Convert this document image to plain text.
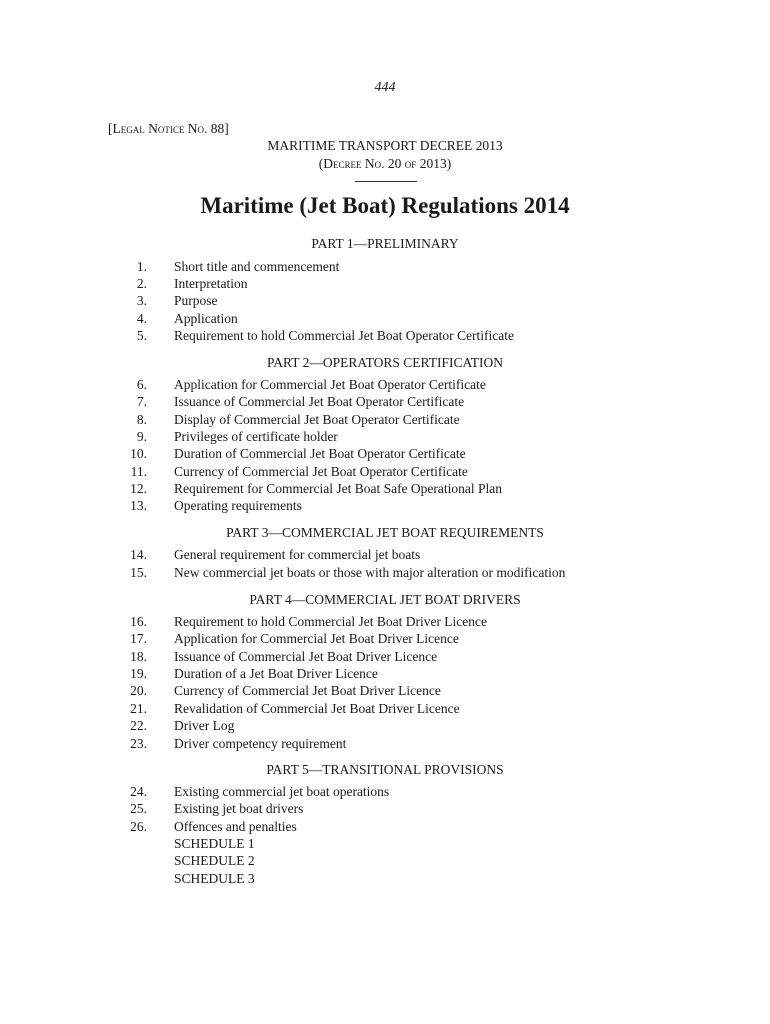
444
[Legal Notice No. 88]
MARITIME TRANSPORT DECREE 2013
(Decree No. 20 of 2013)
Maritime (Jet Boat) Regulations 2014
PART 1—PRELIMINARY
1. Short title and commencement
2. Interpretation
3. Purpose
4. Application
5. Requirement to hold Commercial Jet Boat Operator Certificate
PART 2—OPERATORS CERTIFICATION
6. Application for Commercial Jet Boat Operator Certificate
7. Issuance of Commercial Jet Boat Operator Certificate
8. Display of Commercial Jet Boat Operator Certificate
9. Privileges of certificate holder
10. Duration of Commercial Jet Boat Operator Certificate
11. Currency of Commercial Jet Boat Operator Certificate
12. Requirement for Commercial Jet Boat Safe Operational Plan
13. Operating requirements
PART 3—COMMERCIAL JET BOAT REQUIREMENTS
14. General requirement for commercial jet boats
15. New commercial jet boats or those with major alteration or modification
PART 4—COMMERCIAL JET BOAT DRIVERS
16. Requirement to hold Commercial Jet Boat Driver Licence
17. Application for Commercial Jet Boat Driver Licence
18. Issuance of Commercial Jet Boat Driver Licence
19. Duration of a Jet Boat Driver Licence
20. Currency of Commercial Jet Boat Driver Licence
21. Revalidation of Commercial Jet Boat Driver Licence
22. Driver Log
23. Driver competency requirement
PART 5—TRANSITIONAL PROVISIONS
24. Existing commercial jet boat operations
25. Existing jet boat drivers
26. Offences and penalties
SCHEDULE 1
SCHEDULE 2
SCHEDULE 3
